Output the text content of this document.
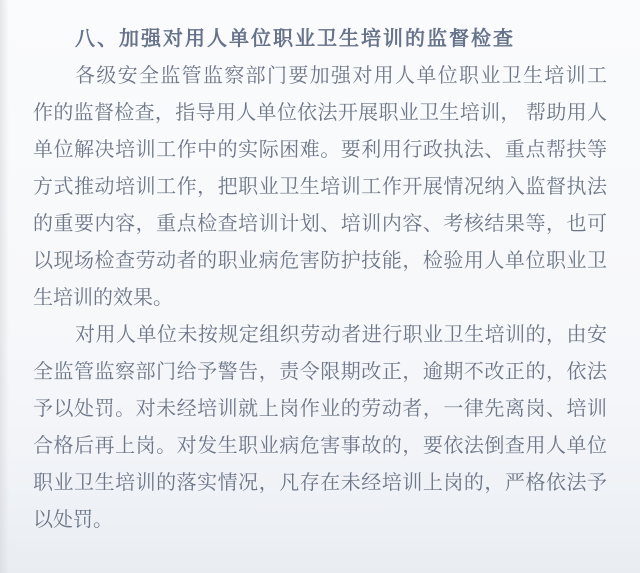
八、加强对用人单位职业卫生培训的监督检查
各级安全监管监察部门要加强对用人单位职业卫生培训工
作的监督检查，指导用人单位依法开展职业卫生培训， 帮助用人
单位解决培训工作中的实际困难。要利用行政执法、重点帮扶等
方式推动培训工作，把职业卫生培训工作开展情况纳入监督执法
的重要内容，重点检查培训计划、培训内容、考核结果等，也可
以现场检查劳动者的职业病危害防护技能，检验用人单位职业卫
生培训的效果。
对用人单位未按规定组织劳动者进行职业卫生培训的，由安
全监管监察部门给予警告，责令限期改正，逾期不改正的，依法
予以处罚。对未经培训就上岗作业的劳动者，一律先离岗、培训
合格后再上岗。对发生职业病危害事故的，要依法倒查用人单位
职业卫生培训的落实情况，凡存在未经培训上岗的，严格依法予
以处罚。
